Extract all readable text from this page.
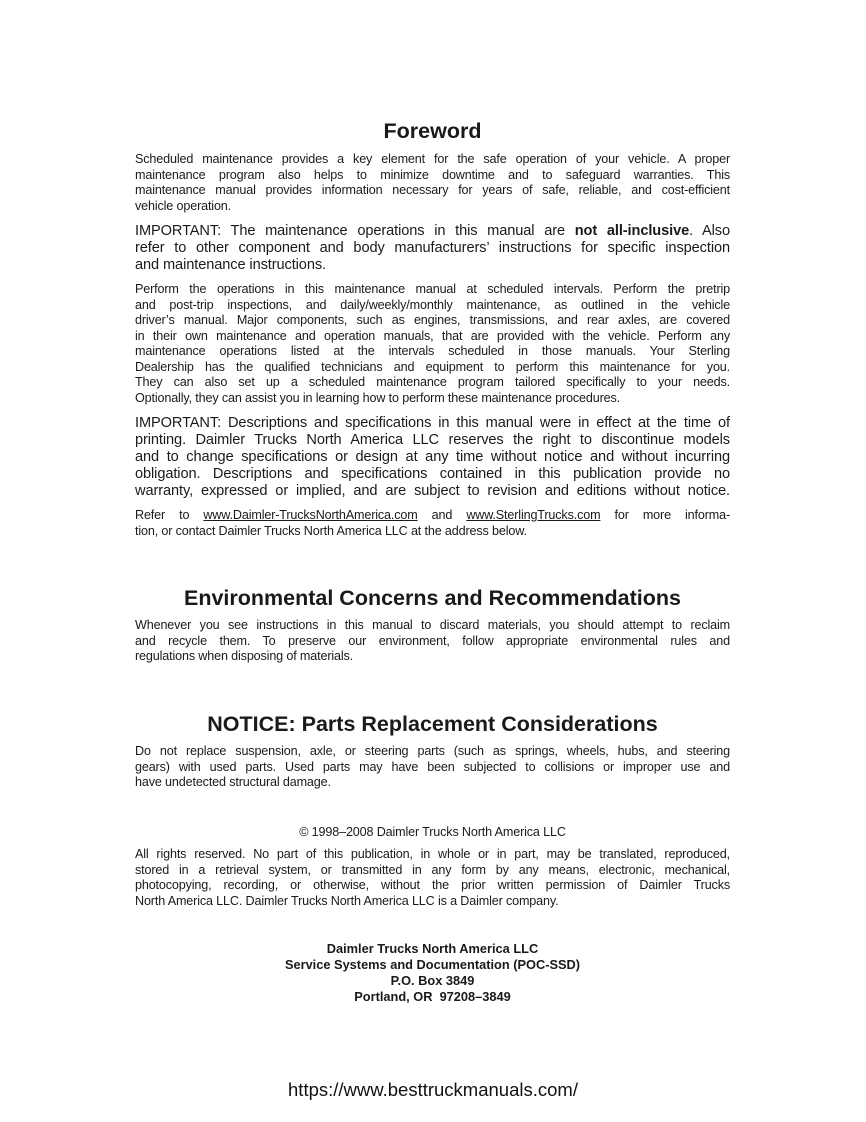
Foreword
Scheduled maintenance provides a key element for the safe operation of your vehicle. A proper
maintenance program also helps to minimize downtime and to safeguard warranties. This
maintenance manual provides information necessary for years of safe, reliable, and cost-efficient
vehicle operation.
IMPORTANT: The maintenance operations in this manual are not all-inclusive. Also
refer to other component and body manufacturers’ instructions for specific inspection
and maintenance instructions.
Perform the operations in this maintenance manual at scheduled intervals. Perform the pretrip
and post-trip inspections, and daily/weekly/monthly maintenance, as outlined in the vehicle
driver’s manual. Major components, such as engines, transmissions, and rear axles, are covered
in their own maintenance and operation manuals, that are provided with the vehicle. Perform any
maintenance operations listed at the intervals scheduled in those manuals. Your Sterling
Dealership has the qualified technicians and equipment to perform this maintenance for you.
They can also set up a scheduled maintenance program tailored specifically to your needs.
Optionally, they can assist you in learning how to perform these maintenance procedures.
IMPORTANT: Descriptions and specifications in this manual were in effect at the time of
printing. Daimler Trucks North America LLC reserves the right to discontinue models
and to change specifications or design at any time without notice and without incurring
obligation. Descriptions and specifications contained in this publication provide no
warranty, expressed or implied, and are subject to revision and editions without notice.
Refer to www.Daimler-TrucksNorthAmerica.com and www.SterlingTrucks.com for more informa-
tion, or contact Daimler Trucks North America LLC at the address below.
Environmental Concerns and Recommendations
Whenever you see instructions in this manual to discard materials, you should attempt to reclaim
and recycle them. To preserve our environment, follow appropriate environmental rules and
regulations when disposing of materials.
NOTICE: Parts Replacement Considerations
Do not replace suspension, axle, or steering parts (such as springs, wheels, hubs, and steering
gears) with used parts. Used parts may have been subjected to collisions or improper use and
have undetected structural damage.

© 1998–2008 Daimler Trucks North America LLC

All rights reserved. No part of this publication, in whole or in part, may be translated, reproduced,
stored in a retrieval system, or transmitted in any form by any means, electronic, mechanical,
photocopying, recording, or otherwise, without the prior written permission of Daimler Trucks
North America LLC. Daimler Trucks North America LLC is a Daimler company.
Daimler Trucks North America LLC
Service Systems and Documentation (POC-SSD)
P.O. Box 3849
Portland, OR  97208–3849
https://www.besttruckmanuals.com/
